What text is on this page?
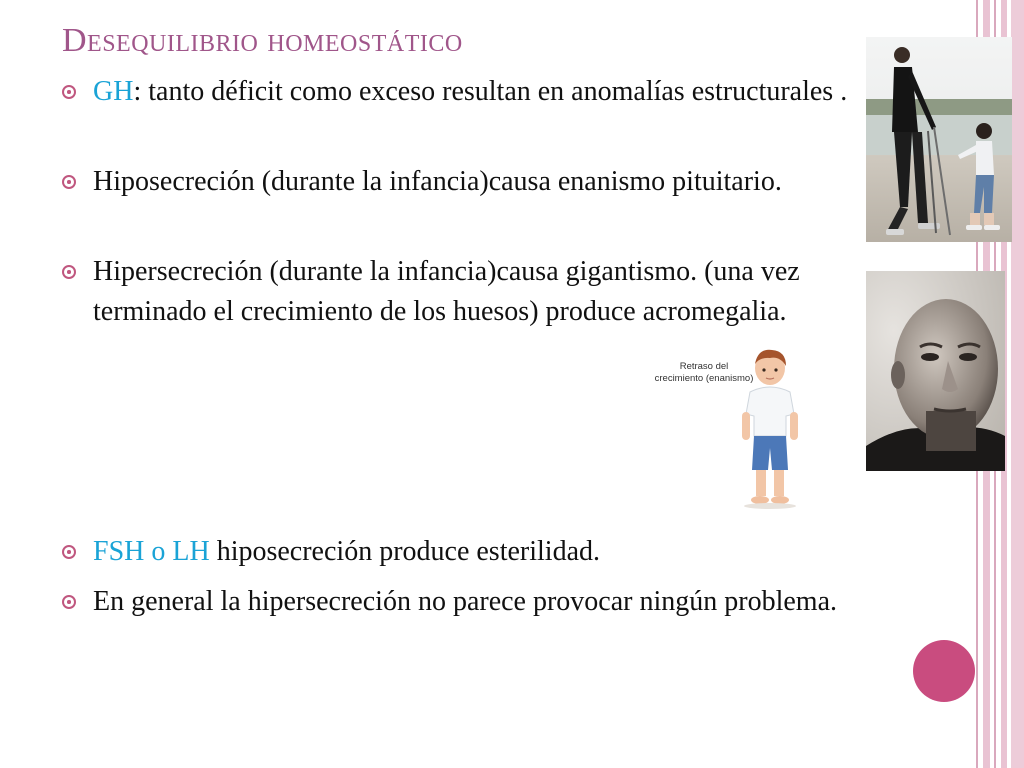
Desequilibrio homeostático
GH: tanto déficit como exceso resultan en anomalías estructurales .
Hiposecreción (durante la infancia)causa enanismo pituitario.
Hipersecreción (durante la infancia)causa gigantismo. (una vez terminado el crecimiento de los huesos) produce acromegalia.
FSH o LH hiposecreción produce esterilidad.
En general la hipersecreción no parece provocar ningún problema.
Retraso del
crecimiento (enanismo)
